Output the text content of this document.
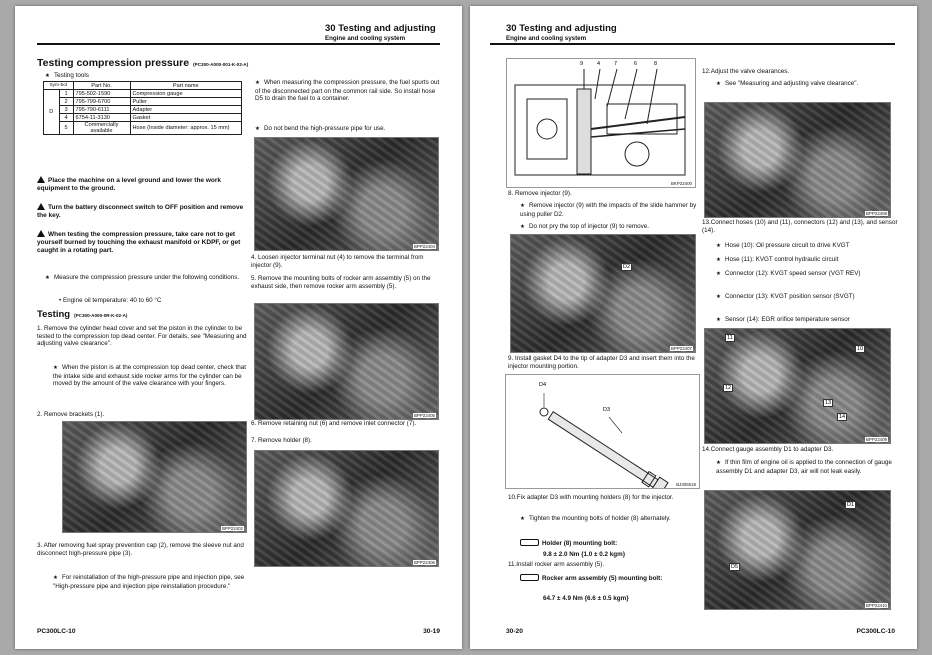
30 Testing and adjusting
Engine and cooling system
Testing compression pressure (PC300-A000-001-K-02-A)
★ Testing tools
Sym-bol		Part No.	Part name
D	1	795-502-1590	Compression gauge
	2	795-799-6700	Puller
	3	795-790-6111	Adapter
	4	6754-11-3130	Gasket
	5	Commercially available	Hose (Inside diameter: approx. 15 mm)
Place the machine on a level ground and lower the work equipment to the ground.
Turn the battery disconnect switch to OFF position and remove the key.
When testing the compression pressure, take care not to get yourself burned by touching the exhaust manifold or KDPF, or get caught in a rotating part.
★ Measure the compression pressure under the following conditions.
• Engine oil temperature: 40 to 60 °C
Testing (PC300-A000-0R-K-02-A)
1. Remove the cylinder head cover and set the piston in the cylinder to be tested to the compression top dead center. For details, see "Measuring and adjusting valve clearance".
★ When the piston is at the compression top dead center, check that the intake side and exhaust side rocker arms for the cylinder can be moved by the amount of the valve clearance with your fingers.
2. Remove brackets (1).
BPP22402
3. After removing fuel spray prevention cap (2), remove the sleeve nut and disconnect high-pressure pipe (3).
★ For reinstallation of the high-pressure pipe and injection pipe, see "High-pressure pipe and injection pipe reinstallation procedure."
★ When measuring the compression pressure, the fuel spurts out of the disconnected part on the common rail side. So install hose D5 to drain the fuel to a container.
★ Do not bend the high-pressure pipe for use.
BPP22404
4. Loosen injector terminal nut (4) to remove the terminal from injector (9).
5. Remove the mounting bolts of rocker arm assembly (5) on the exhaust side, then remove rocker arm assembly (5).
BPP22405
6. Remove retaining nut (6) and remove inlet connector (7).
7. Remove holder (8).
BPP22406
PC300LC-10	30-19
30 Testing and adjusting
Engine and cooling system
9	4	7	6	8
BKP22400
8. Remove injector (9).
★ Remove injector (9) with the impacts of the slide hammer by using puller D2.
★ Do not pry the top of injector (9) to remove.
D2
BPP22407
9. Install gasket D4 to the tip of adapter D3 and insert them into the injector mounting portion.
D4
D3
BJ305618
10.Fix adapter D3 with mounting holders (8) for the injector.
★ Tighten the mounting bolts of holder (8) alternately.
Holder (8) mounting bolt:
9.8 ± 2.0 Nm {1.0 ± 0.2 kgm}
11.Install rocker arm assembly (5).
Rocker arm assembly (5) mounting bolt:
64.7 ± 4.9 Nm {6.6 ± 0.5 kgm}
12.Adjust the valve clearances.
★ See "Measuring and adjusting valve clearance".
BPP22408
13.Connect hoses (10) and (11), connectors (12) and (13), and sensor (14).
★ Hose (10): Oil pressure circuit to drive KVGT
★ Hose (11): KVGT control hydraulic circuit
★ Connector (12): KVGT speed sensor (VGT REV)
★ Connector (13): KVGT position sensor (SVGT)
★ Sensor (14): EGR orifice temperature sensor
11
10
12
13
14
BPP22409
14.Connect gauge assembly D1 to adapter D3.
★ If thin film of engine oil is applied to the connection of gauge assembly D1 and adapter D3, air will not leak easily.
D1
D5
BPP22410
30-20	PC300LC-10
